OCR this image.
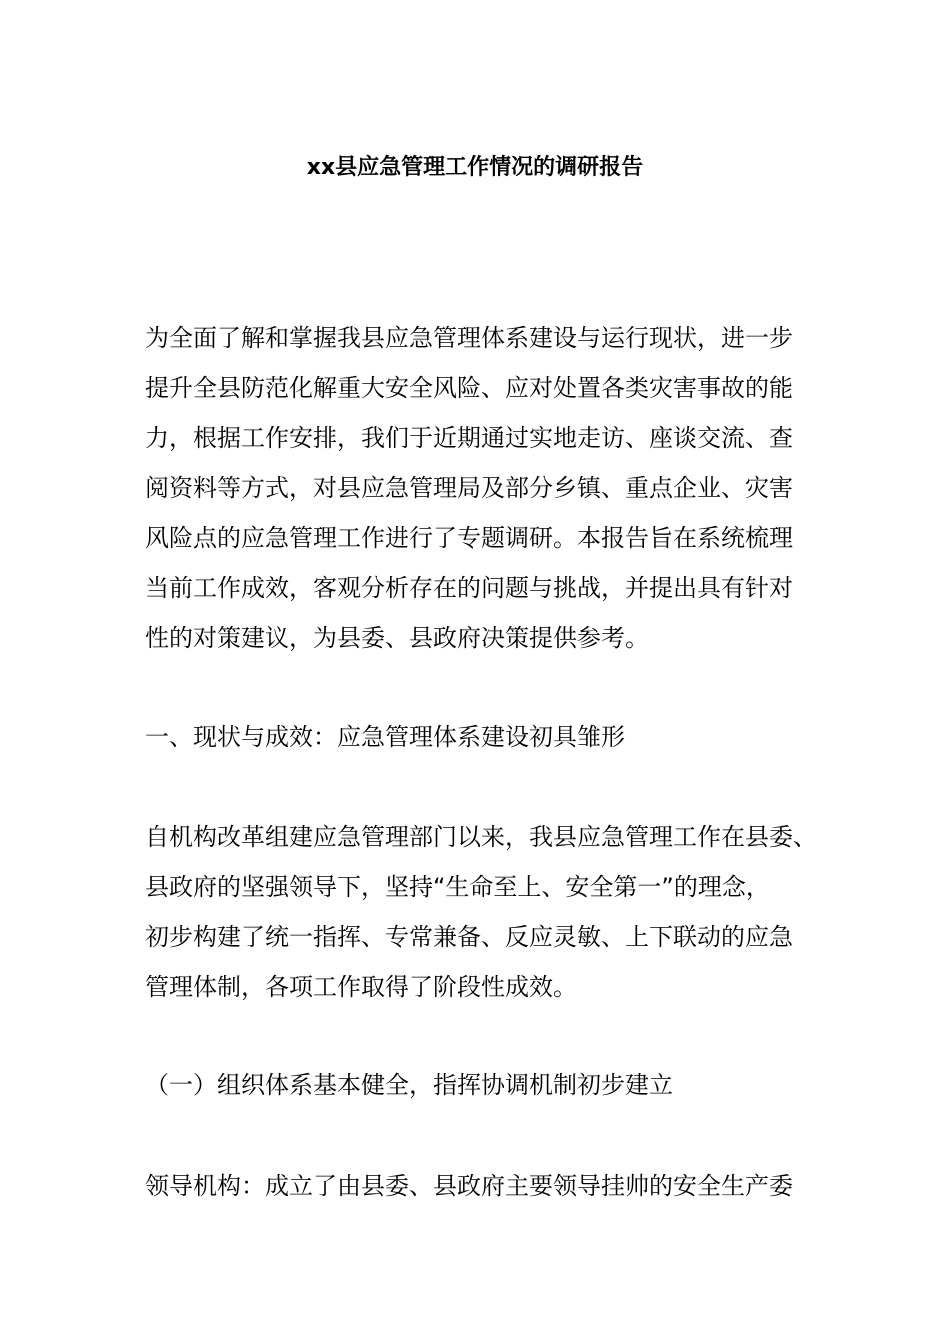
xx县应急管理工作情况的调研报告

为全面了解和掌握我县应急管理体系建设与运行现状，进一步
提升全县防范化解重大安全风险、应对处置各类灾害事故的能
力，根据工作安排，我们于近期通过实地走访、座谈交流、查
阅资料等方式，对县应急管理局及部分乡镇、重点企业、灾害
风险点的应急管理工作进行了专题调研。本报告旨在系统梳理
当前工作成效，客观分析存在的问题与挑战，并提出具有针对
性的对策建议，为县委、县政府决策提供参考。

一、现状与成效：应急管理体系建设初具雏形

自机构改革组建应急管理部门以来，我县应急管理工作在县委、
县政府的坚强领导下，坚持“生命至上、安全第一”的理念，
初步构建了统一指挥、专常兼备、反应灵敏、上下联动的应急
管理体制，各项工作取得了阶段性成效。

（一）组织体系基本健全，指挥协调机制初步建立

领导机构：成立了由县委、县政府主要领导挂帅的安全生产委
